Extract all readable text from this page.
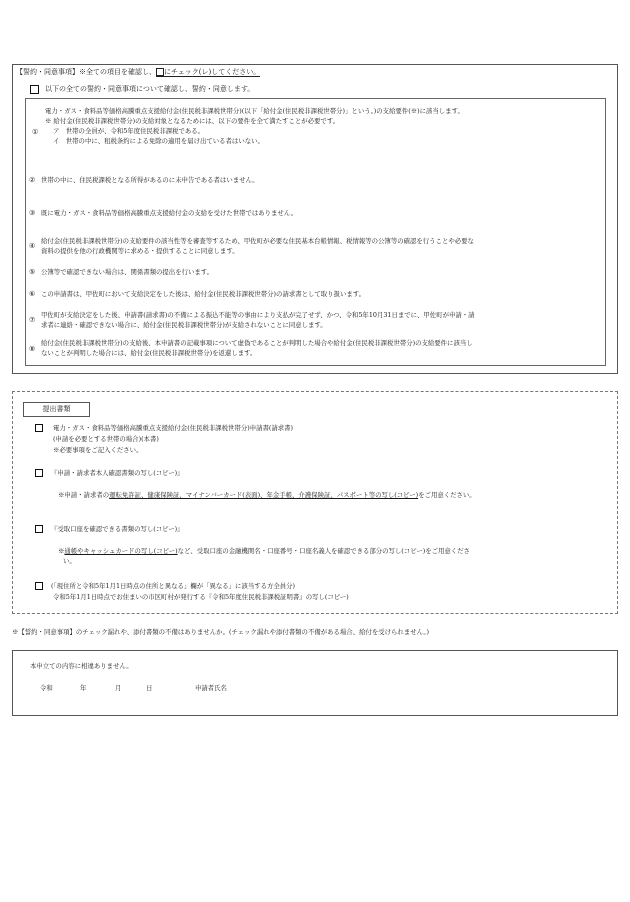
【誓約・同意事項】※全ての項目を確認し、 にチェック(レ)してください。
以下の全ての誓約・同意事項について確認し、誓約・同意します。
①
電力・ガス・食料品等価格高騰重点支援給付金(住民税非課税世帯分)(以下「給付金(住民税非課税世帯分)」という。)の支給要件(※)に該当します。
※ 給付金(住民税非課税世帯分)の支給対象となるためには、以下の要件を全て満たすことが必要です。
ア　世帯の全員が、令和5年度住民税非課税である。
イ　世帯の中に、租税条約による免除の適用を届け出ている者はいない。
② 世帯の中に、住民税課税となる所得があるのに未申告である者はいません。
③ 既に電力・ガス・食料品等価格高騰重点支援給付金の支給を受けた世帯ではありません。
④
給付金(住民税非課税世帯分)の支給要件の該当性等を審査等するため、甲佐町が必要な住民基本台帳情報、税情報等の公簿等の確認を行うことや必要な
資料の提供を他の行政機関等に求める・提供することに同意します。
⑤ 公簿等で確認できない場合は、関係書類の提出を行います。
⑥ この申請書は、甲佐町において支給決定をした後は、給付金(住民税非課税世帯分)の請求書として取り扱います。
⑦
甲佐町が支給決定をした後、申請書(請求書)の不備による振込不能等の事由により支払が完了せず、かつ、令和5年10月31日までに、甲佐町が申請・請
求者に連絡・確認できない場合に、給付金(住民税非課税世帯分)が支給されないことに同意します。
⑧
給付金(住民税非課税世帯分)の支給後、本申請書の記載事項について虚偽であることが判明した場合や給付金(住民税非課税世帯分)の支給要件に該当し
ないことが判明した場合には、給付金(住民税非課税世帯分)を返還します。
提出書類
電力・ガス・食料品等価格高騰重点支援給付金(住民税非課税世帯分)申請書(請求書)
(申請を必要とする世帯の場合)(本書)
※必要事項をご記入ください。
『申請・請求者本人確認書類の写し(コピー)』
※申請・請求者の運転免許証、健康保険証、マイナンバーカード(表面)、年金手帳、介護保険証、パスポート等の写し(コピー)をご用意ください。
『受取口座を確認できる書類の写し(コピー)』
※通帳やキャッシュカードの写し(コピー)など、受取口座の金融機関名・口座番号・口座名義人を確認できる部分の写し(コピー)をご用意くださ
い。
(「現住所と令和5年1月1日時点の住所と異なる」欄が「異なる」に該当する方全員分)
令和5年1月1日時点でお住まいの市区町村が発行する『令和5年度住民税非課税証明書』の写し(コピー)
※【誓約・同意事項】のチェック漏れや、添付書類の不備はありませんか。(チェック漏れや添付書類の不備がある場合、給付を受けられません。)
本申立ての内容に相違ありません。
令和	年	月	日	申請者氏名
